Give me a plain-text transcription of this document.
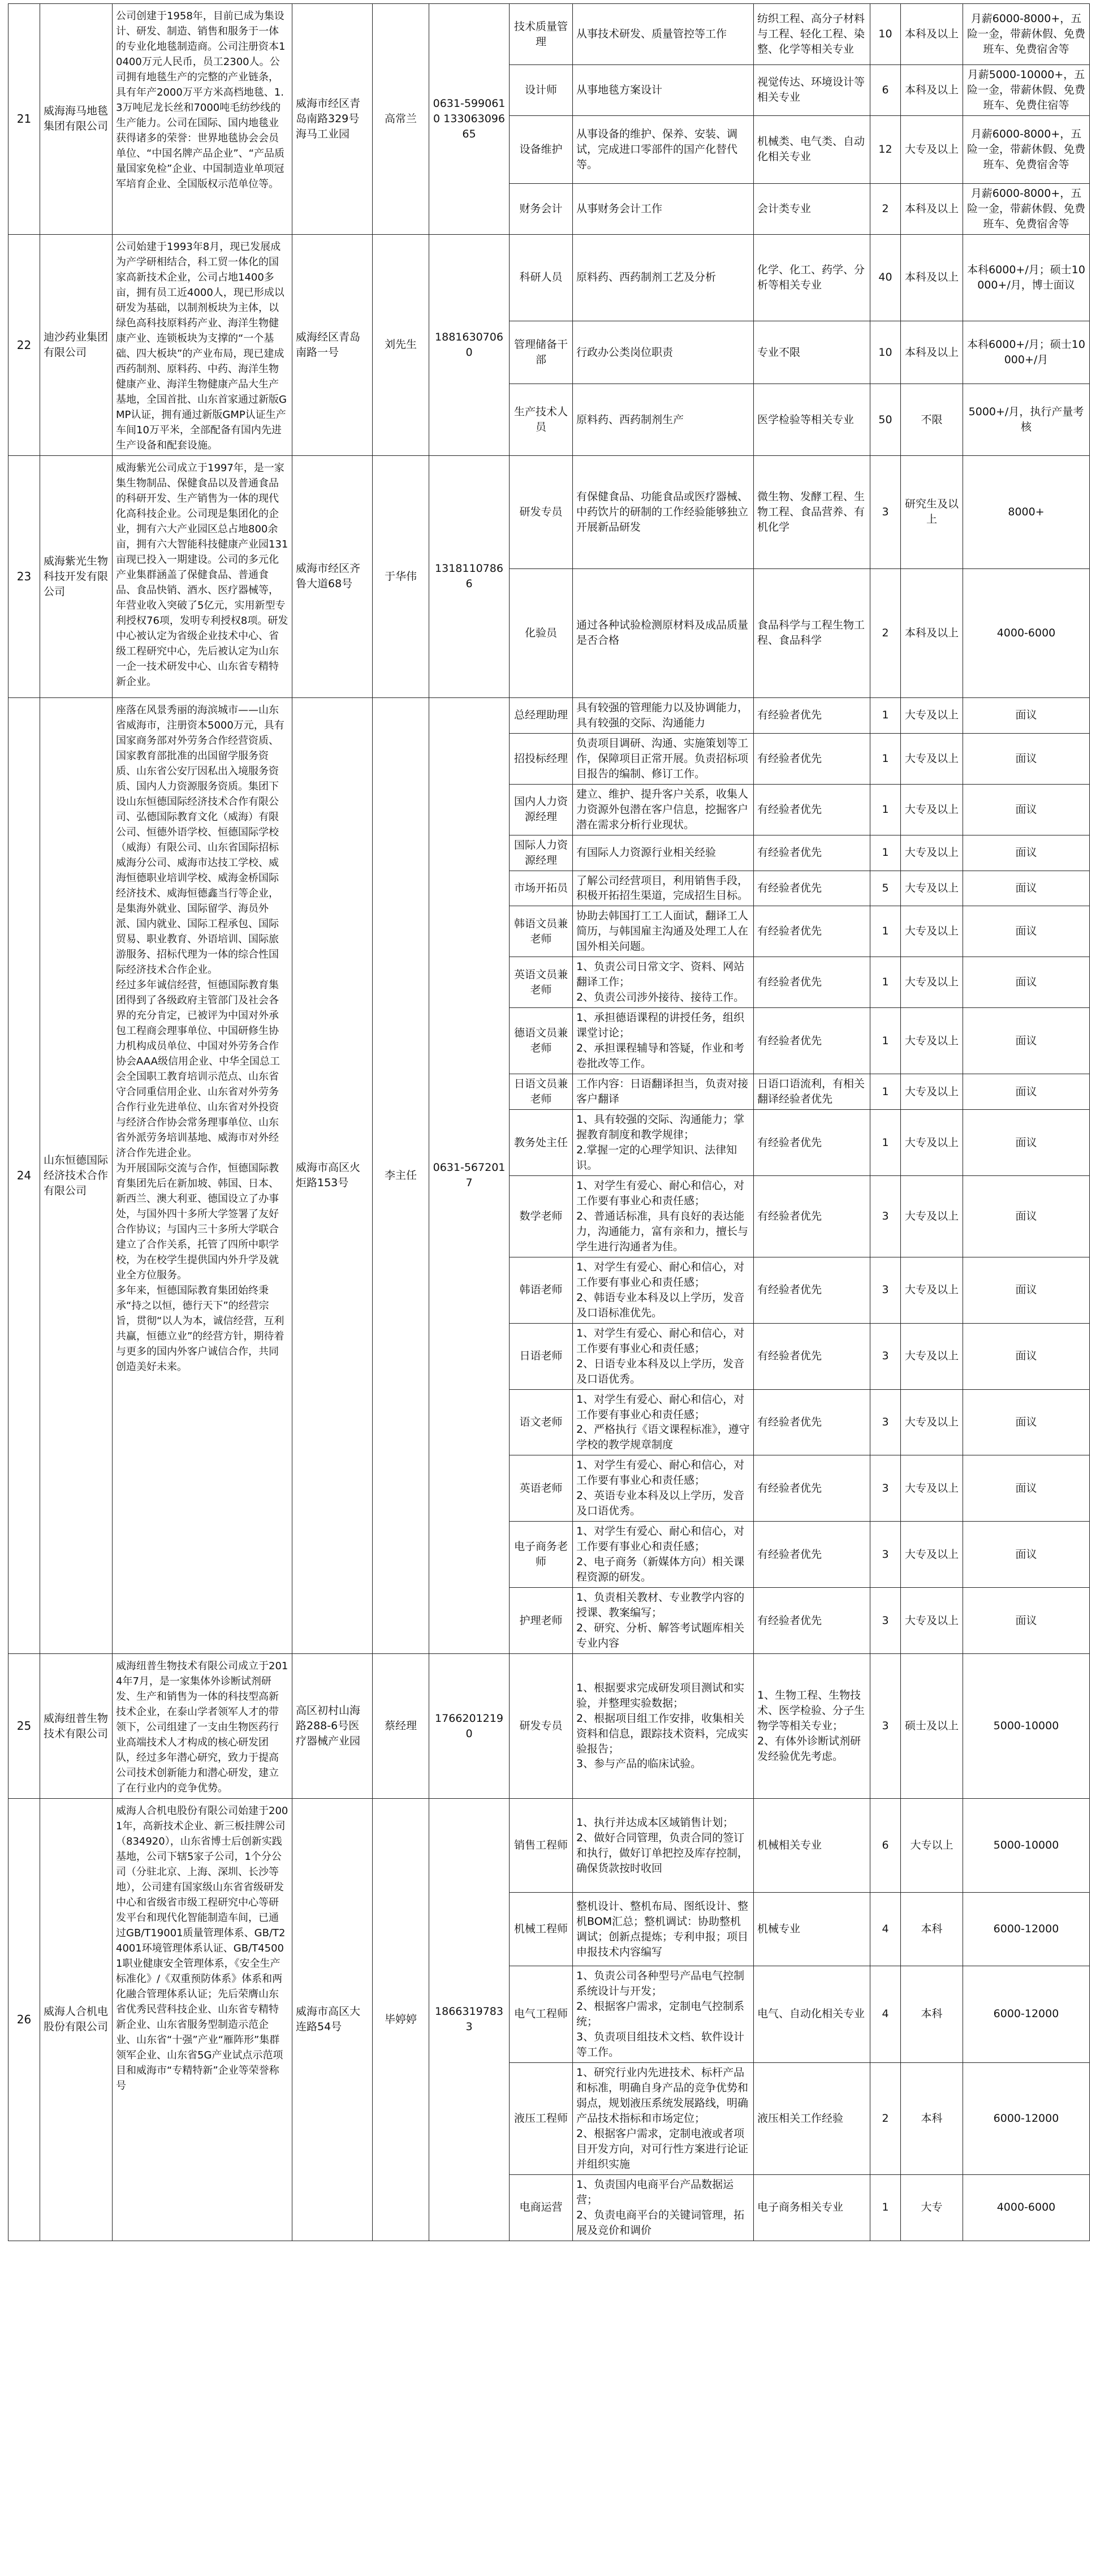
21	威海海马地毯集团有限公司	公司创建于1958年，目前已成为集设计、研发、制造、销售和服务于一体的专业化地毯制造商。公司注册资本10400万元人民币，员工2300人。公司拥有地毯生产的完整的产业链条，具有年产2000万平方米高档地毯、1.3万吨尼龙长丝和7000吨毛纺纱线的生产能力。公司在国际、国内地毯业获得诸多的荣誉：世界地毯协会会员单位、“中国名牌产品企业”、“产品质量国家免检”企业、中国制造业单项冠军培育企业、全国版权示范单位等。	威海市经区青岛南路329号海马工业园	高常兰	0631-5990610 13306309665	技术质量管理	从事技术研发、质量管控等工作	纺织工程、高分子材料与工程、轻化工程、染整、化学等相关专业	10	本科及以上	月薪6000-8000+，五险一金，带薪休假、免费班车、免费宿舍等
						设计师	从事地毯方案设计	视觉传达、环境设计等相关专业	6	本科及以上	月薪5000-10000+，五险一金，带薪休假、免费班车、免费住宿等
						设备维护	从事设备的维护、保养、安装、调试，完成进口零部件的国产化替代等。	机械类、电气类、自动化相关专业	12	大专及以上	月薪6000-8000+，五险一金，带薪休假、免费班车、免费宿舍等
						财务会计	从事财务会计工作	会计类专业	2	本科及以上	月薪6000-8000+，五险一金，带薪休假、免费班车、免费宿舍等
22	迪沙药业集团有限公司	公司始建于1993年8月，现已发展成为产学研相结合，科工贸一体化的国家高新技术企业，公司占地1400多亩，拥有员工近4000人，现已形成以研发为基础，以制剂板块为主体，以绿色高科技原料药产业、海洋生物健康产业、连锁板块为支撑的“一个基础、四大板块”的产业布局，现已建成西药制剂、原料药、中药、海洋生物健康产业、海洋生物健康产品大生产基地，全国首批、山东首家通过新版GMP认证，拥有通过新版GMP认证生产车间10万平米，全部配备有国内先进生产设备和配套设施。	威海经区青岛南路一号	刘先生	18816307060	科研人员	原料药、西药制剂工艺及分析	化学、化工、药学、分析等相关专业	40	本科及以上	本科6000+/月；硕士10000+/月，博士面议
						管理储备干部	行政办公类岗位职责	专业不限	10	本科及以上	本科6000+/月；硕士10000+/月
						生产技术人员	原料药、西药制剂生产	医学检验等相关专业	50	不限	5000+/月，执行产量考核
23	威海紫光生物科技开发有限公司	威海紫光公司成立于1997年，是一家集生物制品、保健食品以及普通食品的科研开发、生产销售为一体的现代化高科技企业。公司现是集团化的企业，拥有六大产业园区总占地800余亩，拥有六大智能科技健康产业园131亩现已投入一期建设。公司的多元化产业集群涵盖了保健食品、普通食品、食品快销、酒水、医疗器械等，年营业收入突破了5亿元，实用新型专利授权76项，发明专利授权8项。研发中心被认定为省级企业技术中心、省级工程研究中心，先后被认定为山东一企一技术研发中心、山东省专精特新企业。	威海市经区齐鲁大道68号	于华伟	13181107866	研发专员	有保健食品、功能食品或医疗器械、中药饮片的研制的工作经验能够独立开展新品研发	微生物、发酵工程、生物工程、食品营养、有机化学	3	研究生及以上	8000+
						化验员	通过各种试验检测原材料及成品质量是否合格	食品科学与工程生物工程、食品科学	2	本科及以上	4000-6000
24	山东恒德国际经济技术合作有限公司	座落在风景秀丽的海滨城市——山东省威海市，注册资本5000万元，具有国家商务部对外劳务合作经营资质、国家教育部批准的出国留学服务资质、山东省公安厅因私出入境服务资质、国内人力资源服务资质。集团下设山东恒德国际经济技术合作有限公司、弘德国际教育文化（威海）有限公司、恒德外语学校、恒德国际学校（威海）有限公司、山东省国际招标威海分公司、威海市达技工学校、威海恒德职业培训学校、威海金桥国际经济技术、威海恒德鑫当行等企业，是集海外就业、国际留学、海员外派、国内就业、国际工程承包、国际贸易、职业教育、外语培训、国际旅游服务、招标代理为一体的综合性国际经济技术合作企业。
经过多年诚信经营，恒德国际教育集团得到了各级政府主管部门及社会各界的充分肯定，已被评为中国对外承包工程商会理事单位、中国研修生协力机构成员单位、中国对外劳务合作协会AAA级信用企业、中华全国总工会全国职工教育培训示范点、山东省守合同重信用企业、山东省对外劳务合作行业先进单位、山东省对外投资与经济合作协会常务理事单位、山东省外派劳务培训基地、威海市对外经济合作先进企业。
为开展国际交流与合作，恒德国际教育集团先后在新加坡、韩国、日本、新西兰、澳大利亚、德国设立了办事处，与国外四十多所大学签署了友好合作协议；与国内三十多所大学联合建立了合作关系，托管了四所中职学校，为在校学生提供国内外升学及就业全方位服务。
多年来，恒德国际教育集团始终秉承“持之以恒，德行天下”的经营宗旨，贯彻“以人为本，诚信经营，互利共赢，恒德立业”的经营方针，期待着与更多的国内外客户诚信合作，共同创造美好未来。	威海市高区火炬路153号	李主任	0631-5672017	总经理助理	具有较强的管理能力以及协调能力，具有较强的交际、沟通能力	有经验者优先	1	大专及以上	面议
						招投标经理	负责项目调研、沟通、实施策划等工作，保障项目正常开展。负责招标项目报告的编制、修订工作。	有经验者优先	1	大专及以上	面议
						国内人力资源经理	建立、维护、提升客户关系，收集人力资源外包潜在客户信息，挖掘客户潜在需求分析行业现状。	有经验者优先	1	大专及以上	面议
						国际人力资源经理	有国际人力资源行业相关经验	有经验者优先	1	大专及以上	面议
						市场开拓员	了解公司经营项目，利用销售手段，积极开拓招生渠道，完成招生目标。	有经验者优先	5	大专及以上	面议
						韩语文员兼老师	协助去韩国打工工人面试，翻译工人简历，与韩国雇主沟通及处理工人在国外相关问题。	有经验者优先	1	大专及以上	面议
						英语文员兼老师	1、负责公司日常文字、资料、网站翻译工作；
2、负责公司涉外接待、接待工作。	有经验者优先	1	大专及以上	面议
						德语文员兼老师	1、承担德语课程的讲授任务，组织课堂讨论；
2、承担课程辅导和答疑，作业和考卷批改等工作。	有经验者优先	1	大专及以上	面议
						日语文员兼老师	工作内容：日语翻译担当，负责对接客户翻译	日语口语流利，有相关翻译经验者优先	1	大专及以上	面议
						教务处主任	1、具有较强的交际、沟通能力；掌握教育制度和教学规律；
2.掌握一定的心理学知识、法律知识。	有经验者优先	1	大专及以上	面议
						数学老师	1、对学生有爱心、耐心和信心，对工作要有事业心和责任感；
2、普通话标准，具有良好的表达能力，沟通能力，富有亲和力，擅长与学生进行沟通者为佳。	有经验者优先	3	大专及以上	面议
						韩语老师	1、对学生有爱心、耐心和信心，对工作要有事业心和责任感；
2、韩语专业本科及以上学历，发音及口语标准优先。	有经验者优先	3	大专及以上	面议
						日语老师	1、对学生有爱心、耐心和信心，对工作要有事业心和责任感；
2、日语专业本科及以上学历，发音及口语优秀。	有经验者优先	3	大专及以上	面议
						语文老师	1、对学生有爱心、耐心和信心，对工作要有事业心和责任感；
2、严格执行《语文课程标准》，遵守学校的教学规章制度	有经验者优先	3	大专及以上	面议
						英语老师	1、对学生有爱心、耐心和信心，对工作要有事业心和责任感；
2、英语专业本科及以上学历，发音及口语优秀。	有经验者优先	3	大专及以上	面议
						电子商务老师	1、对学生有爱心、耐心和信心，对工作要有事业心和责任感；
2、电子商务（新媒体方向）相关课程资源的研发。	有经验者优先	3	大专及以上	面议
						护理老师	1、负责相关教材、专业教学内容的授课、教案编写；
2、研究、分析、解答考试题库相关专业内容	有经验者优先	3	大专及以上	面议
25	威海纽普生物技术有限公司	威海纽普生物技术有限公司成立于2014年7月，是一家集体外诊断试剂研发、生产和销售为一体的科技型高新技术企业，在泰山学者领军人才的带领下，公司组建了一支由生物医药行业高端技术人才构成的核心研发团队，经过多年潜心研究，致力于提高公司技术创新能力和潜心研发，建立了在行业内的竞争优势。	高区初村山海路288-6号医疗器械产业园	蔡经理	17662012190	研发专员	1、根据要求完成研发项目测试和实验，并整理实验数据；
2、根据项目组工作安排，收集相关资料和信息，跟踪技术资料，完成实验报告；
3、参与产品的临床试验。	1、生物工程、生物技术、医学检验、分子生物学等相关专业；
2、有体外诊断试剂研发经验优先考虑。	3	硕士及以上	5000-10000
26	威海人合机电股份有限公司	威海人合机电股份有限公司始建于2001年，高新技术企业、新三板挂牌公司（834920），山东省博士后创新实践基地，公司下辖5家子公司，1个分公司（分驻北京、上海、深圳、长沙等地），公司建有国家级山东省省级研发中心和省级省市级工程研究中心等研发平台和现代化智能制造车间，已通过GB/T19001质量管理体系、GB/T24001环境管理体系认证、GB/T45001职业健康安全管理体系，《安全生产标准化》/《双重预防体系》体系和两化融合管理体系认证；先后荣膺山东省优秀民营科技企业、山东省专精特新企业、山东省服务型制造示范企业、山东省“十强”产业“雁阵形”集群领军企业、山东省5G产业试点示范项目和威海市“专精特新”企业等荣誉称号	威海市高区大连路54号	毕婷婷	18663197833	销售工程师	1、执行并达成本区域销售计划；
2、做好合同管理，负责合同的签订和执行，做好订单把控及库存控制，确保货款按时收回	机械相关专业	6	大专以上	5000-10000
						机械工程师	整机设计、整机布局、图纸设计、整机BOM汇总；整机调试：协助整机调试；创新点提炼；专利申报；项目申报技术内容编写	机械专业	4	本科	6000-12000
						电气工程师	1、负责公司各种型号产品电气控制系统设计与开发；
2、根据客户需求，定制电气控制系统；
3、负责项目组技术文档、软件设计等工作。	电气、自动化相关专业	4	本科	6000-12000
						液压工程师	1、研究行业内先进技术、标杆产品和标准，明确自身产品的竞争优势和弱点，规划液压系统发展路线，明确产品技术指标和市场定位；
2、根据客户需求，定制电液或者项目开发方向，对可行性方案进行论证并组织实施	液压相关工作经验	2	本科	6000-12000
						电商运营	1、负责国内电商平台产品数据运营；
2、负责电商平台的关键词管理，拓展及竞价和调价	电子商务相关专业	1	大专	4000-6000
